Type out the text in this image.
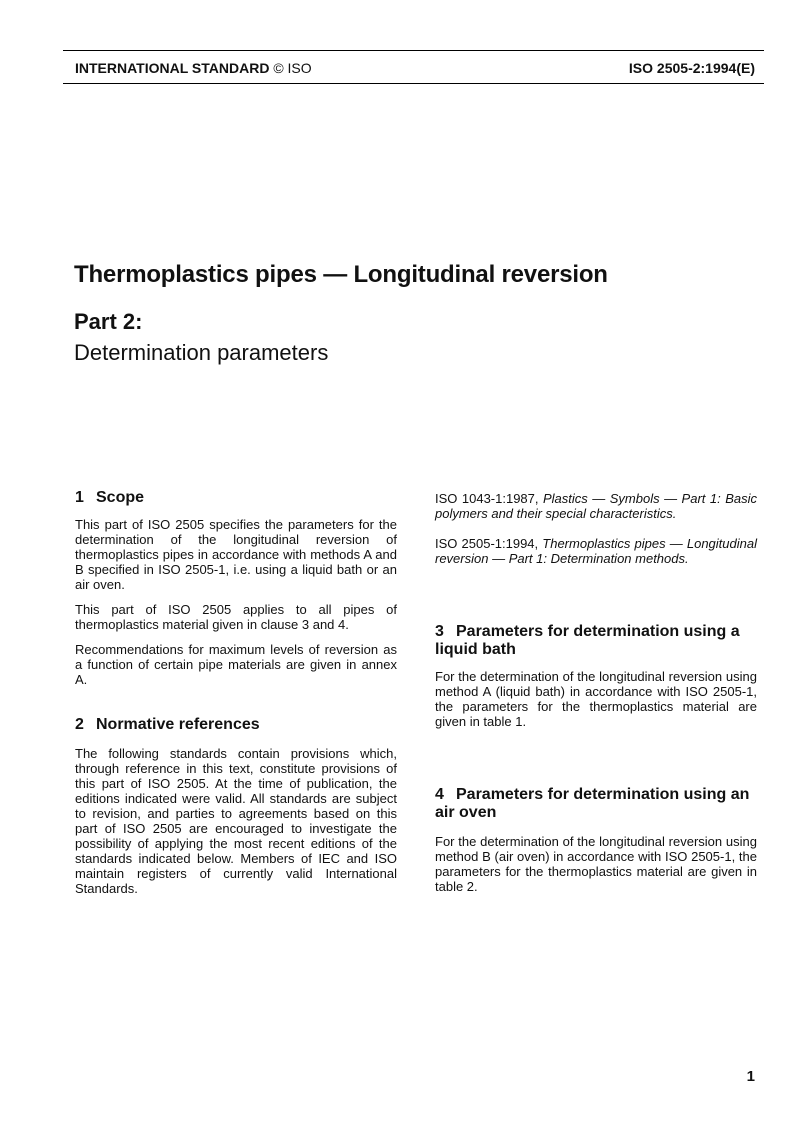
INTERNATIONAL STANDARD © ISO	ISO 2505-2:1994(E)
Thermoplastics pipes — Longitudinal reversion
Part 2:
Determination parameters
1 Scope

This part of ISO 2505 specifies the parameters for the determination of the longitudinal reversion of thermoplastics pipes in accordance with methods A and B specified in ISO 2505-1, i.e. using a liquid bath or an air oven.

This part of ISO 2505 applies to all pipes of thermoplastics material given in clause 3 and 4.

Recommendations for maximum levels of reversion as a function of certain pipe materials are given in annex A.

2 Normative references

The following standards contain provisions which, through reference in this text, constitute provisions of this part of ISO 2505. At the time of publication, the editions indicated were valid. All standards are subject to revision, and parties to agreements based on this part of ISO 2505 are encouraged to investigate the possibility of applying the most recent editions of the standards indicated below. Members of IEC and ISO maintain registers of currently valid International Standards.

ISO 1043-1:1987, Plastics — Symbols — Part 1: Basic polymers and their special characteristics.

ISO 2505-1:1994, Thermoplastics pipes — Longitudinal reversion — Part 1: Determination methods.

3 Parameters for determination using a liquid bath

For the determination of the longitudinal reversion using method A (liquid bath) in accordance with ISO 2505-1, the parameters for the thermoplastics material are given in table 1.

4 Parameters for determination using an air oven

For the determination of the longitudinal reversion using method B (air oven) in accordance with ISO 2505-1, the parameters for the thermoplastics material are given in table 2.

1
